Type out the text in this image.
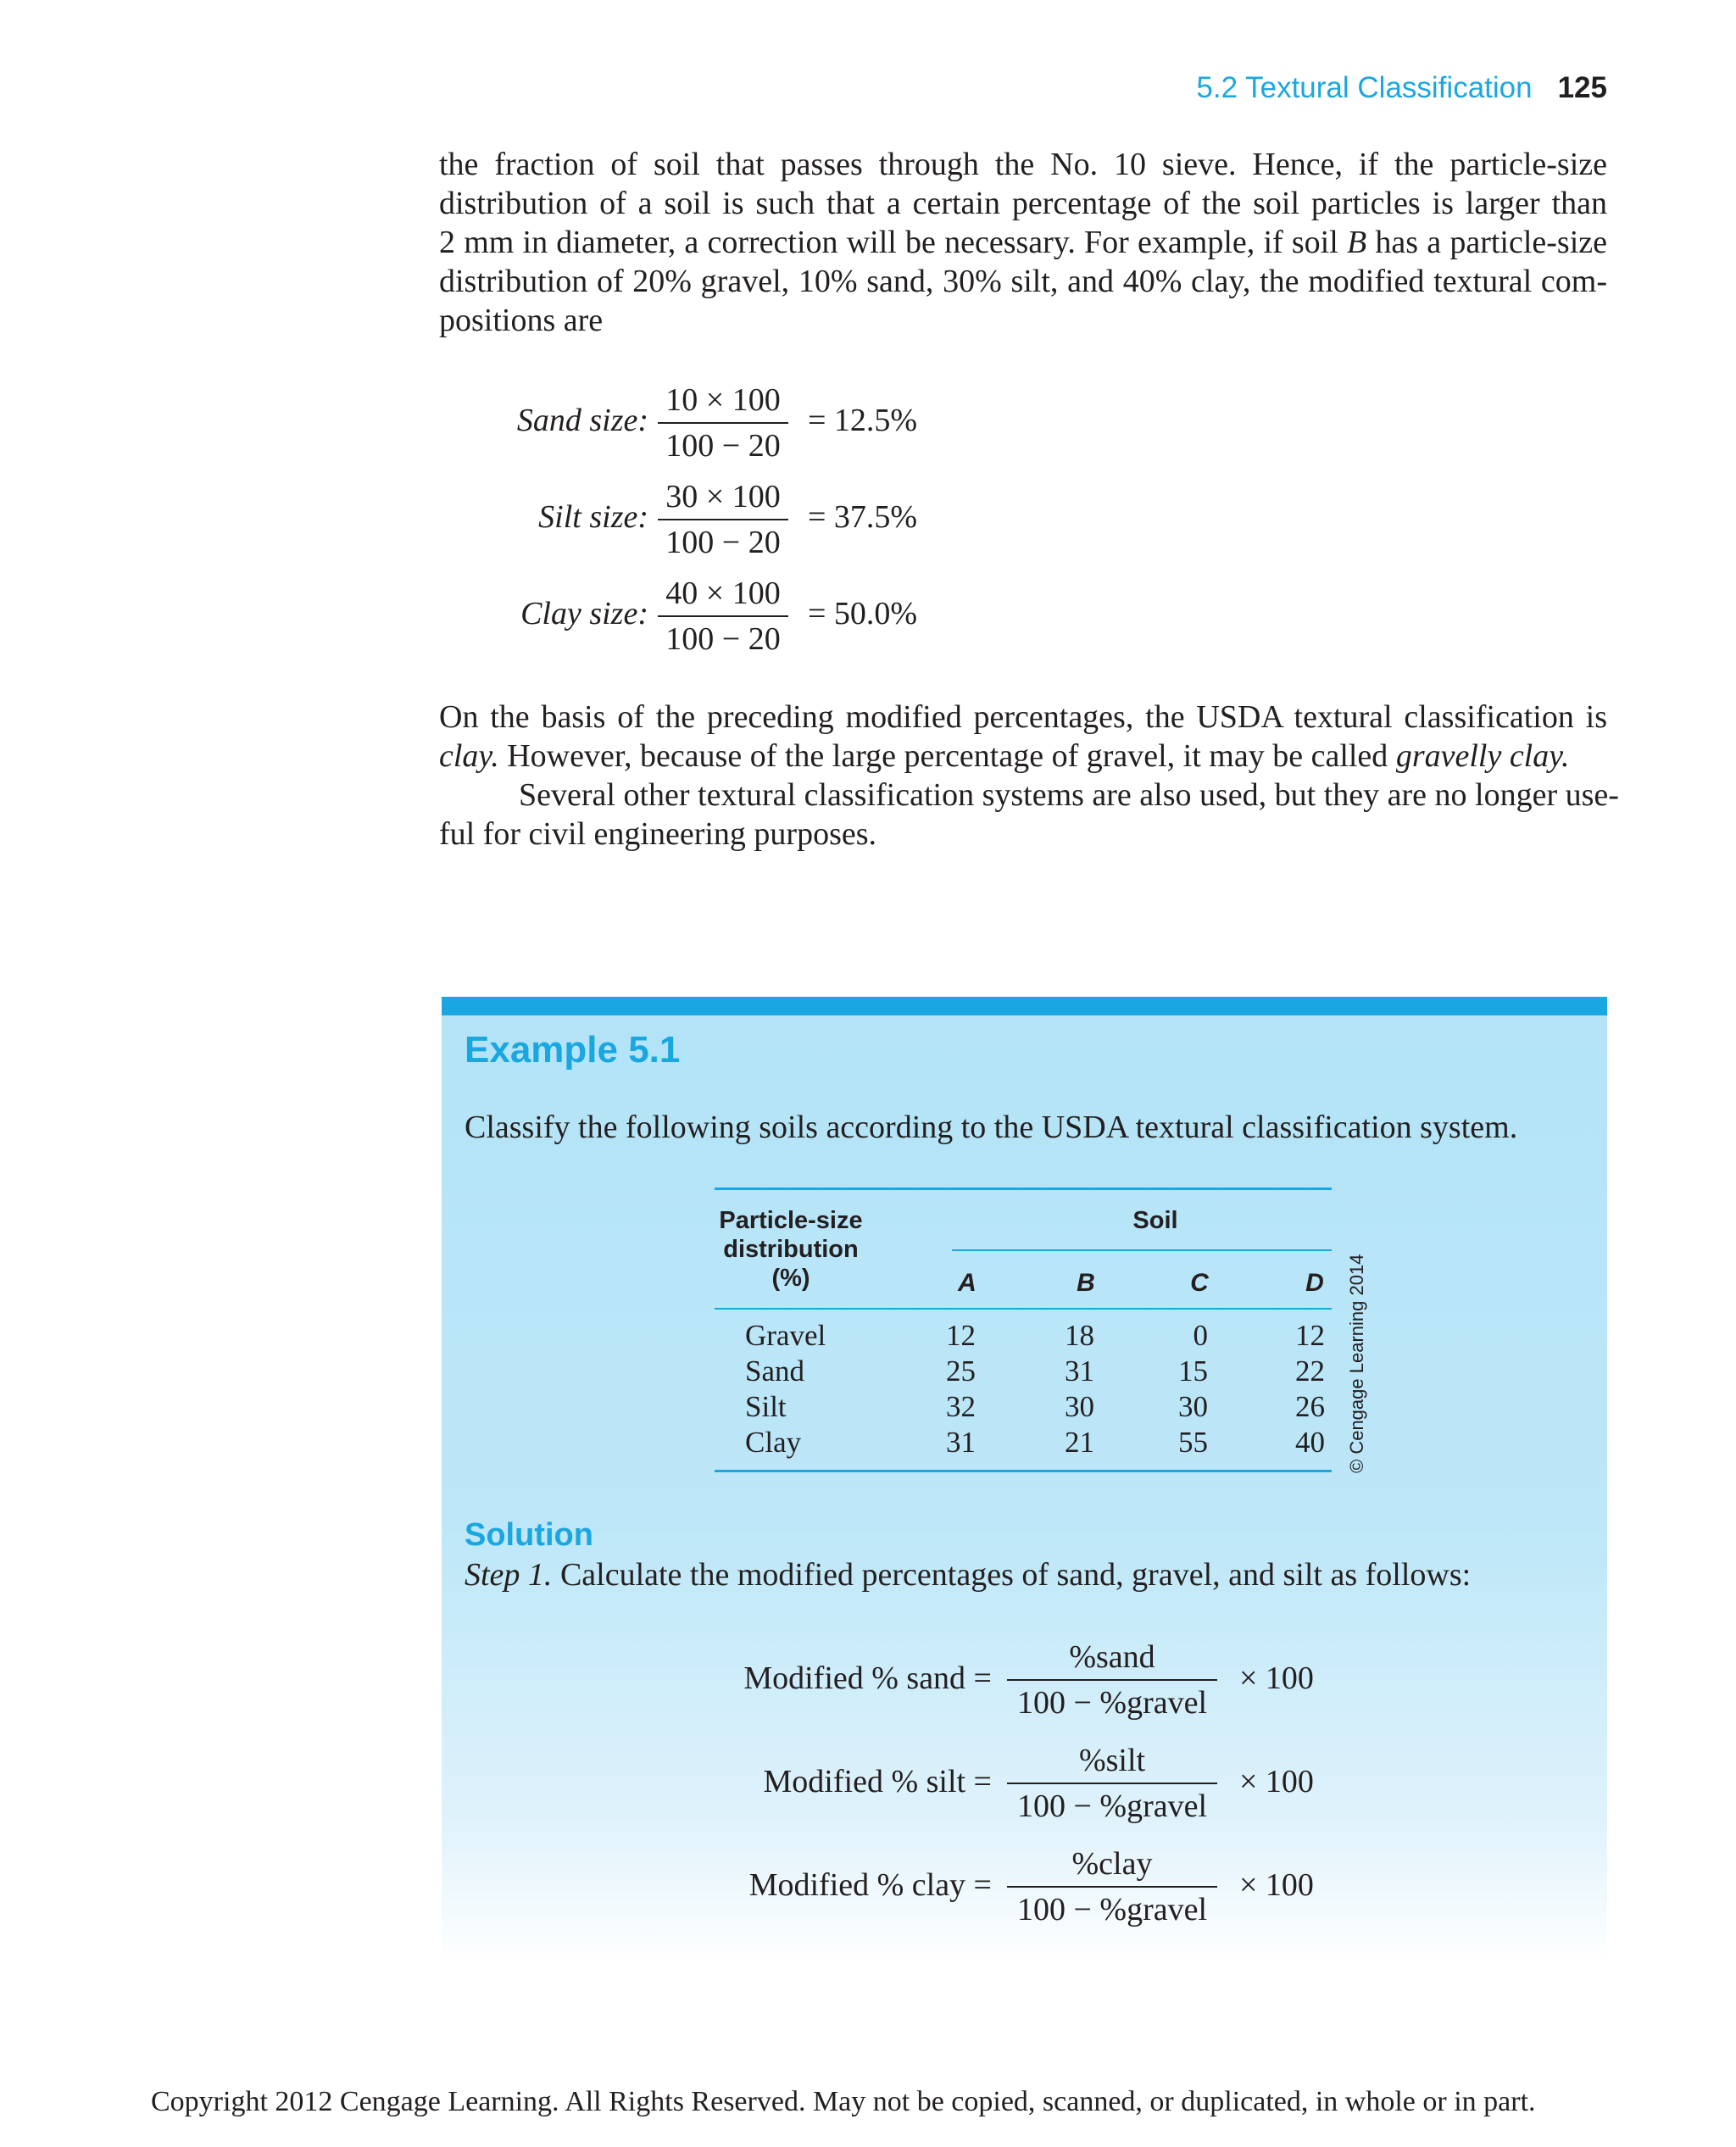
5.2 Textural Classification 125
the fraction of soil that passes through the No. 10 sieve. Hence, if the particle-size
distribution of a soil is such that a certain percentage of the soil particles is larger than
2 mm in diameter, a correction will be necessary. For example, if soil B has a particle-size
distribution of 20% gravel, 10% sand, 30% silt, and 40% clay, the modified textural com-
positions are
Sand size:
10 × 100
100 − 20
= 12.5%
Silt size:
30 × 100
100 − 20
= 37.5%
Clay size:
40 × 100
100 − 20
= 50.0%
On the basis of the preceding modified percentages, the USDA textural classification is
clay. However, because of the large percentage of gravel, it may be called gravelly clay.
Several other textural classification systems are also used, but they are no longer use-
ful for civil engineering purposes.
Example 5.1
Classify the following soils according to the USDA textural classification system.
Particle-size
distribution
(%)
Soil
A	B	C	D
Gravel	12	18	0	12
Sand	25	31	15	22
Silt	32	30	30	26
Clay	31	21	55	40 © Cengage Learning 2014
Solution
Step 1. Calculate the modified percentages of sand, gravel, and silt as follows:
Modified % sand =
%sand
100 − %gravel
× 100
Modified % silt =
%silt
100 − %gravel
× 100
Modified % clay =
%clay
100 − %gravel
× 100
Copyright 2012 Cengage Learning. All Rights Reserved. May not be copied, scanned, or duplicated, in whole or in part.
